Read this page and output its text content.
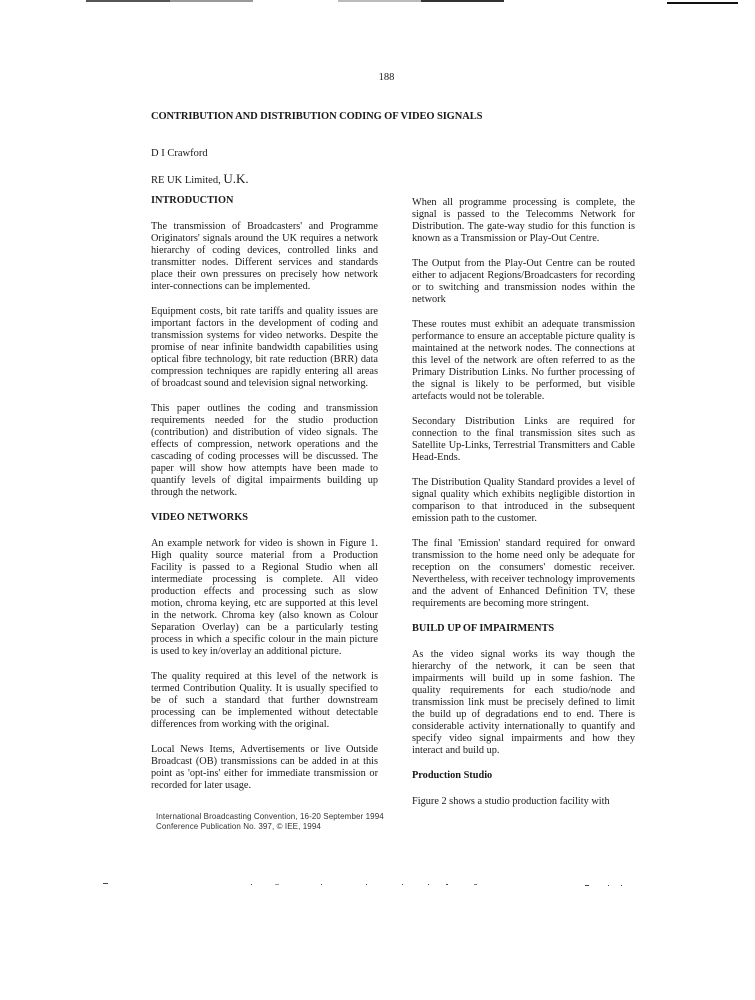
188
CONTRIBUTION AND DISTRIBUTION CODING OF VIDEO SIGNALS
D I Crawford
RE UK Limited, U.K.
INTRODUCTION

The transmission of Broadcasters' and Programme Originators' signals around the UK requires a network hierarchy of coding devices, controlled links and transmitter nodes. Different services and standards place their own pressures on precisely how network inter-connections can be implemented.

Equipment costs, bit rate tariffs and quality issues are important factors in the development of coding and transmission systems for video networks. Despite the promise of near infinite bandwidth capabilities using optical fibre technology, bit rate reduction (BRR) data compression techniques are rapidly entering all areas of broadcast sound and television signal networking.

This paper outlines the coding and transmission requirements needed for the studio production (contribution) and distribution of video signals. The effects of compression, network operations and the cascading of coding processes will be discussed. The paper will show how attempts have been made to quantify levels of digital impairments building up through the network.

VIDEO NETWORKS

An example network for video is shown in Figure 1. High quality source material from a Production Facility is passed to a Regional Studio when all intermediate processing is complete. All video production effects and processing such as slow motion, chroma keying, etc are supported at this level in the network. Chroma key (also known as Colour Separation Overlay) can be a particularly testing process in which a specific colour in the main picture is used to key in/overlay an additional picture.

The quality required at this level of the network is termed Contribution Quality. It is usually specified to be of such a standard that further downstream processing can be implemented without detectable differences from working with the original.

Local News Items, Advertisements or live Outside Broadcast (OB) transmissions can be added in at this point as 'opt-ins' either for immediate transmission or recorded for later usage.

When all programme processing is complete, the signal is passed to the Telecomms Network for Distribution. The gate-way studio for this function is known as a Transmission or Play-Out Centre.

The Output from the Play-Out Centre can be routed either to adjacent Regions/Broadcasters for recording or to switching and transmission nodes within the network

These routes must exhibit an adequate transmission performance to ensure an acceptable picture quality is maintained at the network nodes. The connections at this level of the network are often referred to as the Primary Distribution Links. No further processing of the signal is likely to be performed, but visible artefacts would not be tolerable.

Secondary Distribution Links are required for connection to the final transmission sites such as Satellite Up-Links, Terrestrial Transmitters and Cable Head-Ends.

The Distribution Quality Standard provides a level of signal quality which exhibits negligible distortion in comparison to that introduced in the subsequent emission path to the customer.

The final 'Emission' standard required for onward transmission to the home need only be adequate for reception on the consumers' domestic receiver. Nevertheless, with receiver technology improvements and the advent of Enhanced Definition TV, these requirements are becoming more stringent.

BUILD UP OF IMPAIRMENTS

As the video signal works its way though the hierarchy of the network, it can be seen that impairments will build up in some fashion. The quality requirements for each studio/node and transmission link must be precisely defined to limit the build up of degradations end to end. There is considerable activity internationally to quantify and specify video signal impairments and how they interact and build up.

Production Studio

Figure 2 shows a studio production facility with

International Broadcasting Convention, 16-20 September 1994
Conference Publication No. 397, © IEE, 1994
